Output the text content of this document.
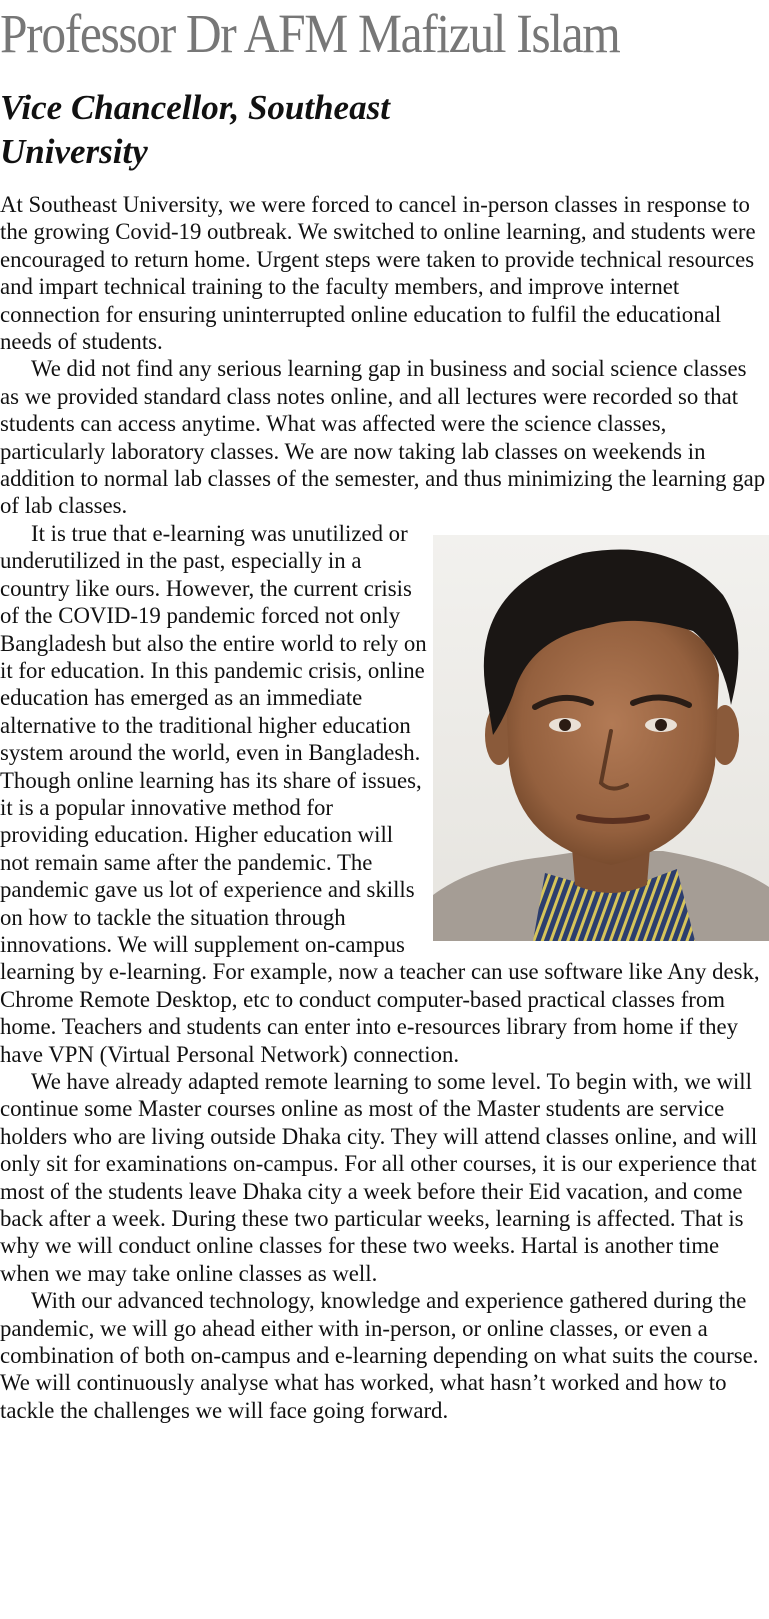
Professor Dr AFM Mafizul Islam
Vice Chancellor, Southeast University

At Southeast University, we were forced to cancel in-person classes in response to the growing Covid-19 outbreak. We switched to online learning, and students were encouraged to return home. Urgent steps were taken to provide technical resources and impart technical training to the faculty members, and improve internet connection for ensuring uninterrupted online education to fulfil the educational needs of students.

We did not find any serious learning gap in business and social science classes as we provided standard class notes online, and all lectures were recorded so that students can access anytime. What was affected were the science classes, particularly laboratory classes. We are now taking lab classes on weekends in addition to normal lab classes of the semester, and thus minimizing the learning gap of lab classes.

It is true that e-learning was unutilized or underutilized in the past, especially in a country like ours. However, the current crisis of the COVID-19 pandemic forced not only Bangladesh but also the entire world to rely on it for education. In this pandemic crisis, online education has emerged as an immediate alternative to the traditional higher education system around the world, even in Bangladesh. Though online learning has its share of issues, it is a popular innovative method for providing education. Higher education will not remain same after the pandemic. The pandemic gave us lot of experience and skills on how to tackle the situation through innovations. We will supplement on-campus learning by e-learning. For example, now a teacher can use software like Any desk, Chrome Remote Desktop, etc to conduct computer-based practical classes from home. Teachers and students can enter into e-resources library from home if they have VPN (Virtual Personal Network) connection.

We have already adapted remote learning to some level. To begin with, we will continue some Master courses online as most of the Master students are service holders who are living outside Dhaka city. They will attend classes online, and will only sit for examinations on-campus. For all other courses, it is our experience that most of the students leave Dhaka city a week before their Eid vacation, and come back after a week. During these two particular weeks, learning is affected. That is why we will conduct online classes for these two weeks. Hartal is another time when we may take online classes as well.

With our advanced technology, knowledge and experience gathered during the pandemic, we will go ahead either with in-person, or online classes, or even a combination of both on-campus and e-learning depending on what suits the course. We will continuously analyse what has worked, what hasn’t worked and how to tackle the challenges we will face going forward.
